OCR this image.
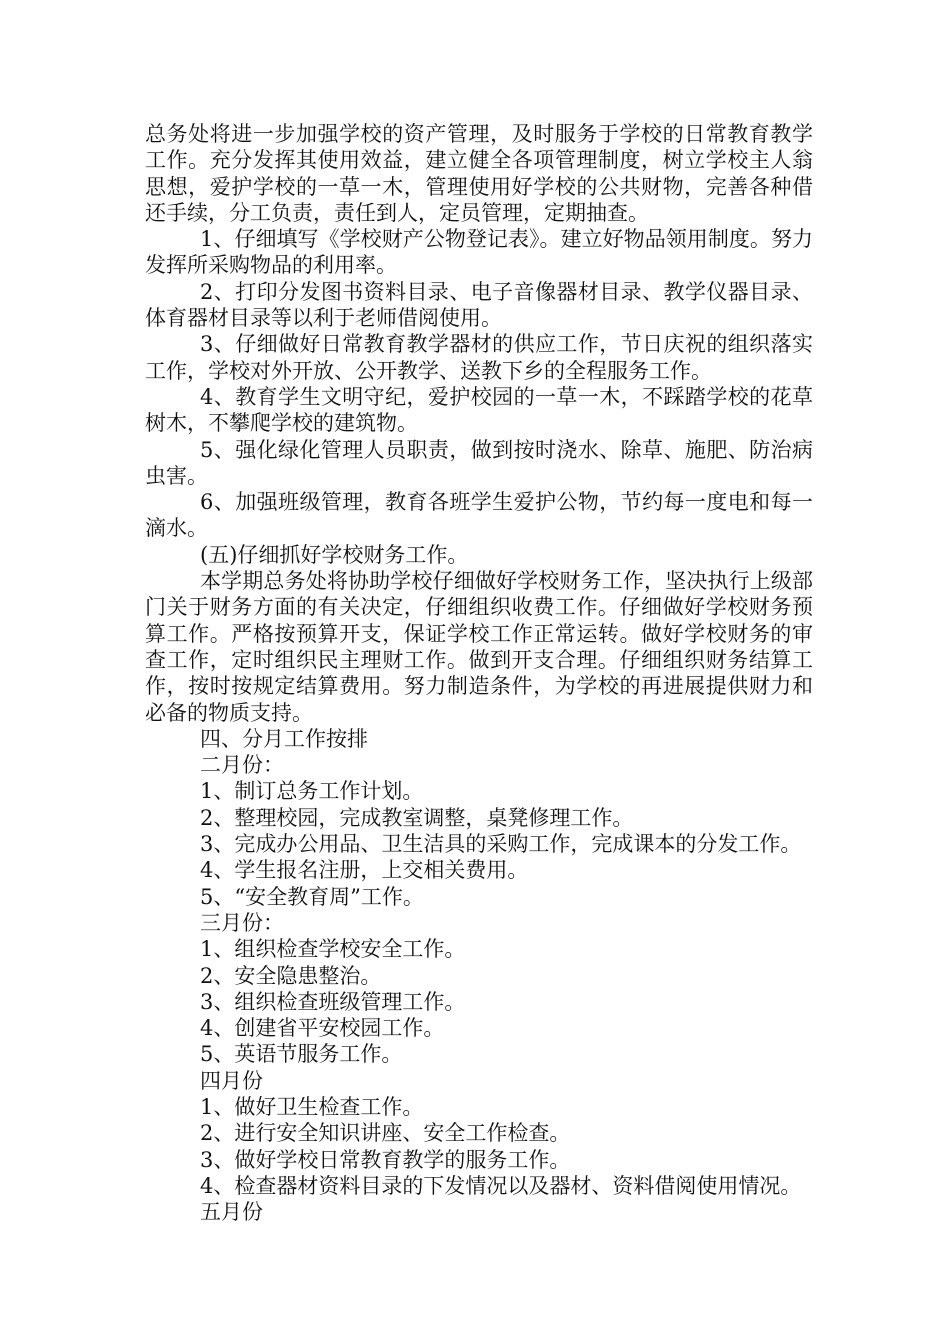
总务处将进一步加强学校的资产管理，及时服务于学校的日常教育教学工作。充分发挥其使用效益，建立健全各项管理制度，树立学校主人翁思想，爱护学校的一草一木，管理使用好学校的公共财物，完善各种借还手续，分工负责，责任到人，定员管理，定期抽查。

1、仔细填写《学校财产公物登记表》。建立好物品领用制度。努力发挥所采购物品的利用率。

2、打印分发图书资料目录、电子音像器材目录、教学仪器目录、体育器材目录等以利于老师借阅使用。

3、仔细做好日常教育教学器材的供应工作，节日庆祝的组织落实工作，学校对外开放、公开教学、送教下乡的全程服务工作。

4、教育学生文明守纪，爱护校园的一草一木，不踩踏学校的花草树木，不攀爬学校的建筑物。

5、强化绿化管理人员职责，做到按时浇水、除草、施肥、防治病虫害。

6、加强班级管理，教育各班学生爱护公物，节约每一度电和每一滴水。

(五)仔细抓好学校财务工作。

本学期总务处将协助学校仔细做好学校财务工作，坚决执行上级部门关于财务方面的有关决定，仔细组织收费工作。仔细做好学校财务预算工作。严格按预算开支，保证学校工作正常运转。做好学校财务的审查工作，定时组织民主理财工作。做到开支合理。仔细组织财务结算工作，按时按规定结算费用。努力制造条件，为学校的再进展提供财力和必备的物质支持。

四、分月工作按排

二月份：

1、制订总务工作计划。

2、整理校园，完成教室调整，桌凳修理工作。

3、完成办公用品、卫生洁具的采购工作，完成课本的分发工作。

4、学生报名注册，上交相关费用。

5、“安全教育周”工作。

三月份：

1、组织检查学校安全工作。

2、安全隐患整治。

3、组织检查班级管理工作。

4、创建省平安校园工作。

5、英语节服务工作。

四月份

1、做好卫生检查工作。

2、进行安全知识讲座、安全工作检查。

3、做好学校日常教育教学的服务工作。

4、检查器材资料目录的下发情况以及器材、资料借阅使用情况。

五月份
